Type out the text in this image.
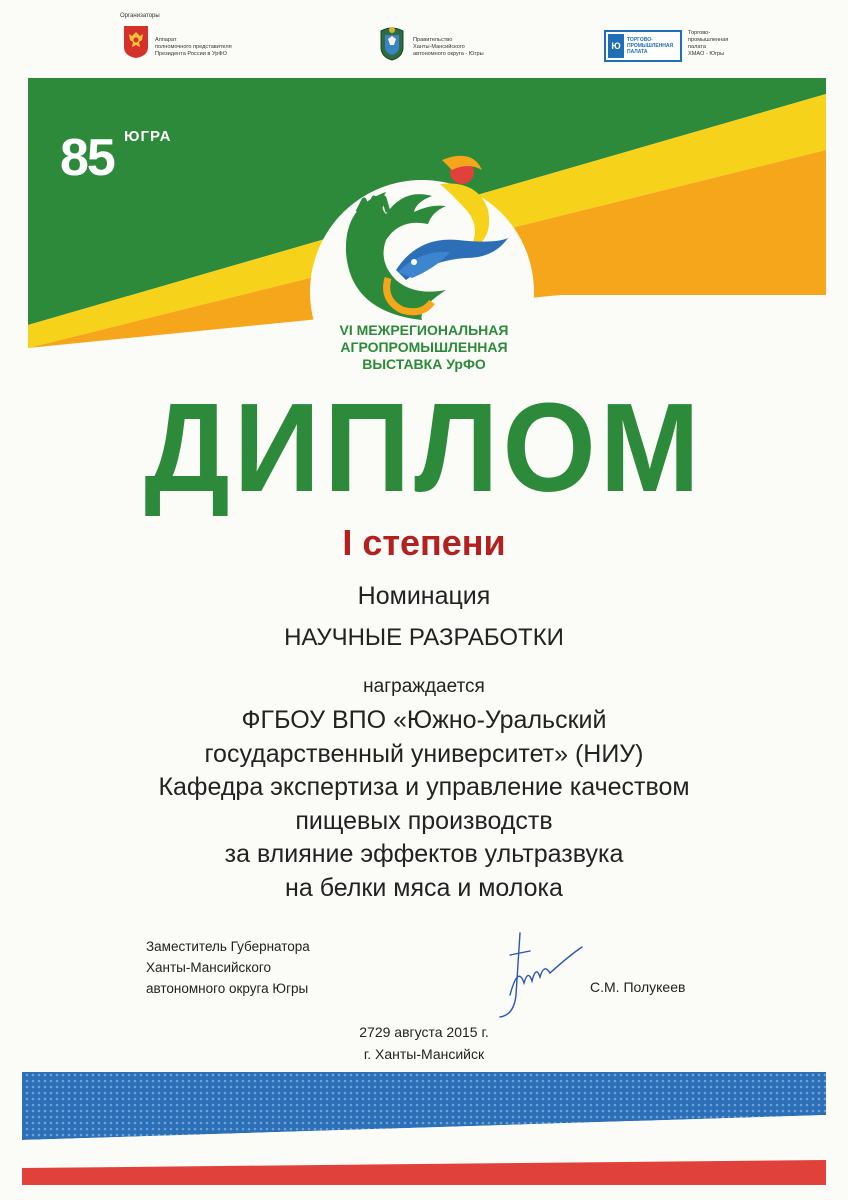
Организаторы
Аппарат
полномочного представителя
Президента России в УрФО
Правительство
Ханты-Мансийского
автономного округа - Югры
Ю
ТОРГОВО-
ПРОМЫШЛЕННАЯ
ПАЛАТА
Торгово-
промышленная
палата
ХМАО - Югры
85 ЮГРА
VI МЕЖРЕГИОНАЛЬНАЯ
АГРОПРОМЫШЛЕННАЯ
ВЫСТАВКА УрФО
ДИПЛОМ
I степени
Номинация
НАУЧНЫЕ РАЗРАБОТКИ
награждается
ФГБОУ ВПО «Южно-Уральский
государственный университет» (НИУ)
Кафедра экспертиза и управление качеством
пищевых производств
за влияние эффектов ультразвука
на белки мяса и молока
Заместитель Губернатора
Ханты-Мансийского
автономного округа Югры	С.М. Полукеев
2729 августа 2015 г.
г. Ханты-Мансийск
